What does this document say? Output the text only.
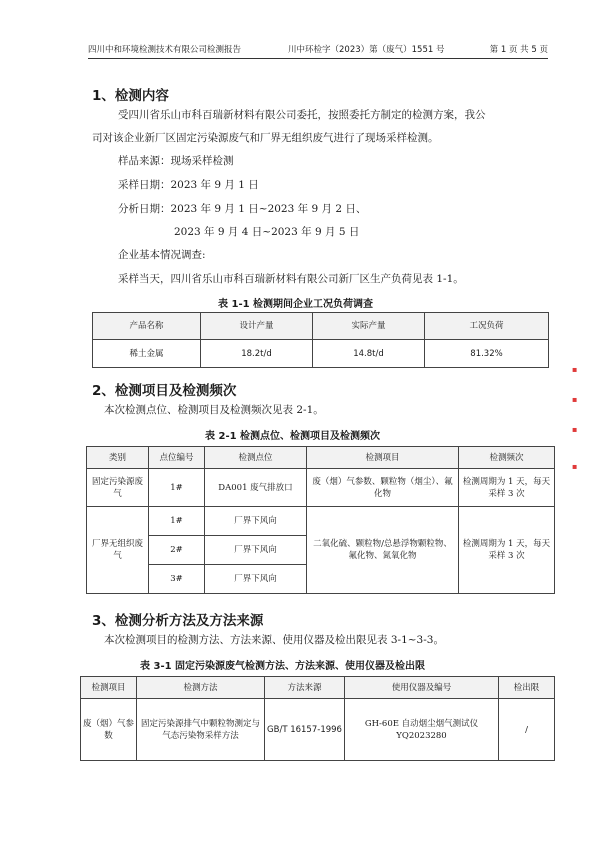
四川中和环境检测技术有限公司检测报告	川中环检字（2023）第（废气）1551 号	第 1 页 共 5 页
1、检测内容
受四川省乐山市科百瑞新材料有限公司委托，按照委托方制定的检测方案，我公
司对该企业新厂区固定污染源废气和厂界无组织废气进行了现场采样检测。
样品来源：现场采样检测
采样日期：2023 年 9 月 1 日
分析日期：2023 年 9 月 1 日~2023 年 9 月 2 日、
2023 年 9 月 4 日~2023 年 9 月 5 日
企业基本情况调查:
采样当天，四川省乐山市科百瑞新材料有限公司新厂区生产负荷见表 1-1。
表 1-1 检测期间企业工况负荷调查
产品名称	设计产量	实际产量	工况负荷
稀土金属	18.2t/d	14.8t/d	81.32%
2、检测项目及检测频次
本次检测点位、检测项目及检测频次见表 2-1。
表 2-1 检测点位、检测项目及检测频次
类别	点位编号	检测点位	检测项目	检测频次
固定污染源废气	1#	DA001 废气排放口	废（烟）气参数、颗粒物（烟尘）、氟化物	检测周期为 1 天，每天采样 3 次
厂界无组织废气	1#	厂界下风向	二氧化硫、颗粒物/总悬浮物颗粒物、氟化物、氮氧化物	检测周期为 1 天，每天采样 3 次
	2#	厂界下风向		
	3#	厂界下风向		
3、检测分析方法及方法来源
本次检测项目的检测方法、方法来源、使用仪器及检出限见表 3-1~3-3。
表 3-1 固定污染源废气检测方法、方法来源、使用仪器及检出限
检测项目	检测方法	方法来源	使用仪器及编号	检出限
废（烟）气参数	固定污染源排气中颗粒物测定与气态污染物采样方法	GB/T 16157-1996	GH-60E 自动烟尘烟气测试仪
YQ2023280	/
▪
▪
▪
▪
